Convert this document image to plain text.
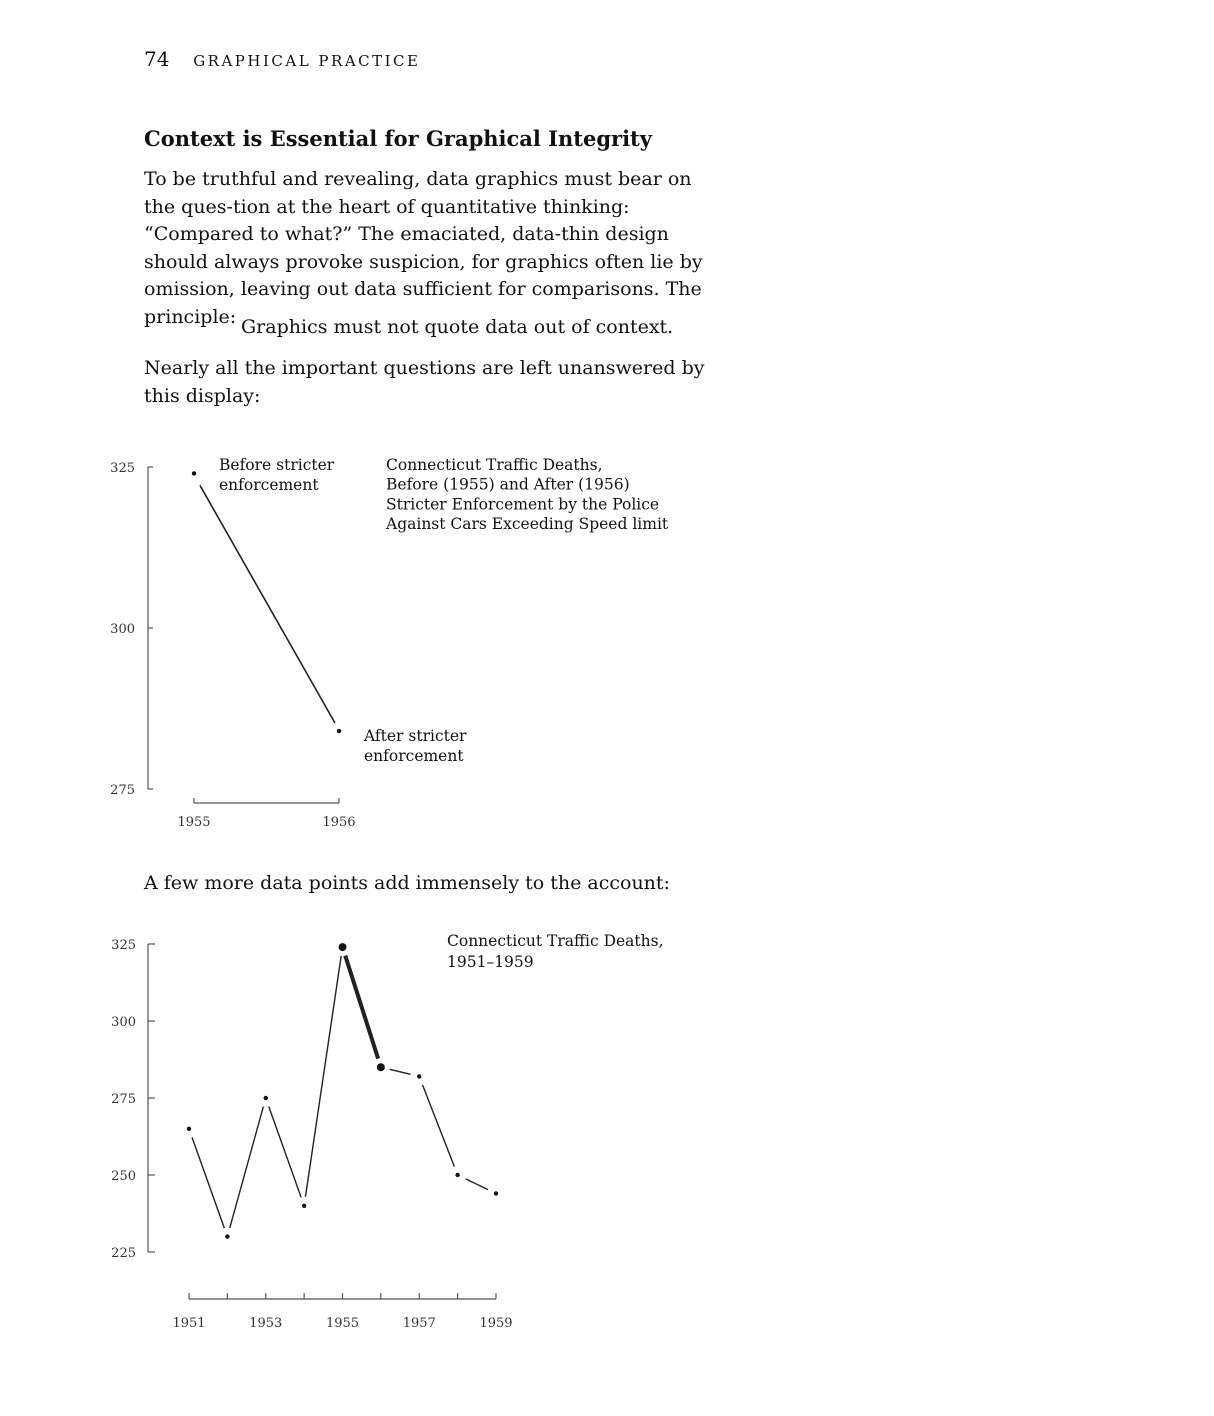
74 GRAPHICAL PRACTICE
Context is Essential for Graphical Integrity

To be truthful and revealing, data graphics must bear on the ques-tion at the heart of quantitative thinking: “Compared to what?” The emaciated, data-thin design should always provoke suspicion, for graphics often lie by omission, leaving out data sufficient for comparisons. The principle: Graphics must not quote data out of context.

Nearly all the important questions are left unanswered by this display:

325
300
275
1955	1956
Before stricter enforcement
After stricter enforcement
Connecticut Traffic Deaths, Before (1955) and After (1956) Stricter Enforcement by the Police Against Cars Exceeding Speed limit

A few more data points add immensely to the account:

325
300
275
250
225
1951	1953	1955	1957	1959
Connecticut Traffic Deaths, 1951–1959
